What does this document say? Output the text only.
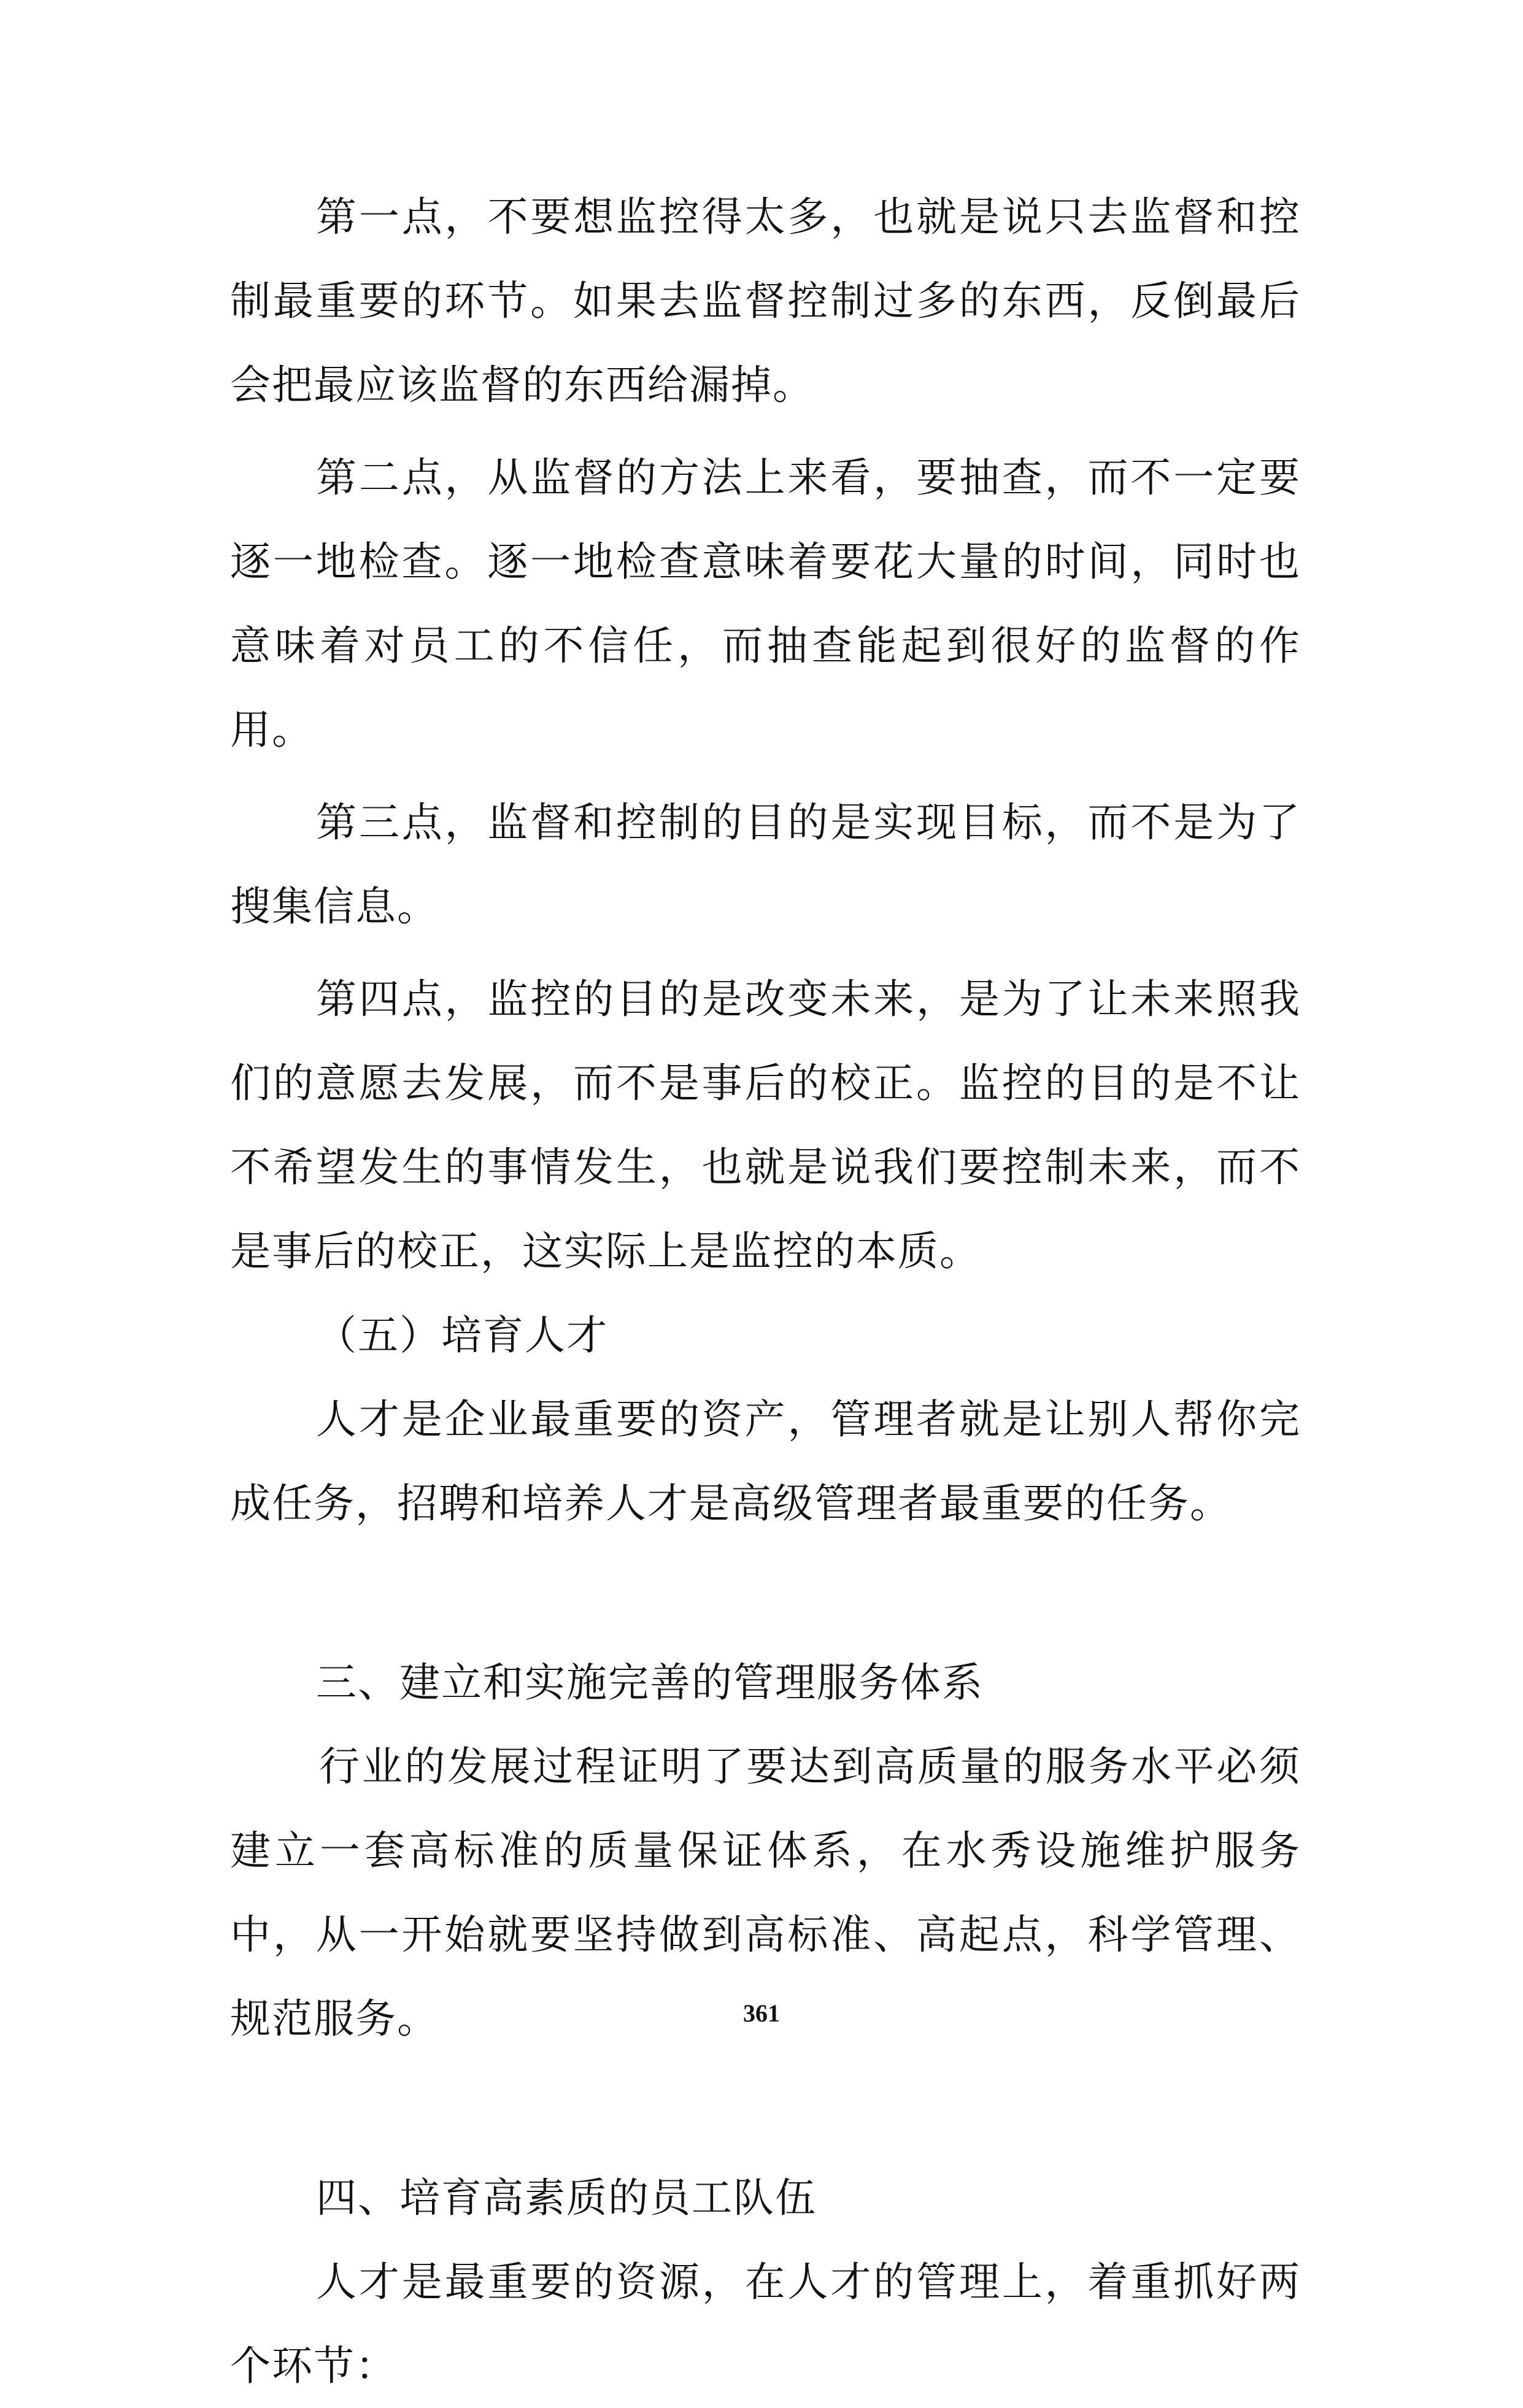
第一点，不要想监控得太多，也就是说只去监督和控制最重要的环节。如果去监督控制过多的东西，反倒最后会把最应该监督的东西给漏掉。

第二点，从监督的方法上来看，要抽查，而不一定要逐一地检查。逐一地检查意味着要花大量的时间，同时也意味着对员工的不信任，而抽查能起到很好的监督的作用。

第三点，监督和控制的目的是实现目标，而不是为了搜集信息。

第四点，监控的目的是改变未来，是为了让未来照我们的意愿去发展，而不是事后的校正。监控的目的是不让不希望发生的事情发生，也就是说我们要控制未来，而不是事后的校正，这实际上是监控的本质。

（五）培育人才

人才是企业最重要的资产，管理者就是让别人帮你完成任务，招聘和培养人才是高级管理者最重要的任务。

三、建立和实施完善的管理服务体系

行业的发展过程证明了要达到高质量的服务水平必须建立一套高标准的质量保证体系，在水秀设施维护服务中，从一开始就要坚持做到高标准、高起点，科学管理、规范服务。

四、培育高素质的员工队伍

人才是最重要的资源，在人才的管理上，着重抓好两个环节：

361
